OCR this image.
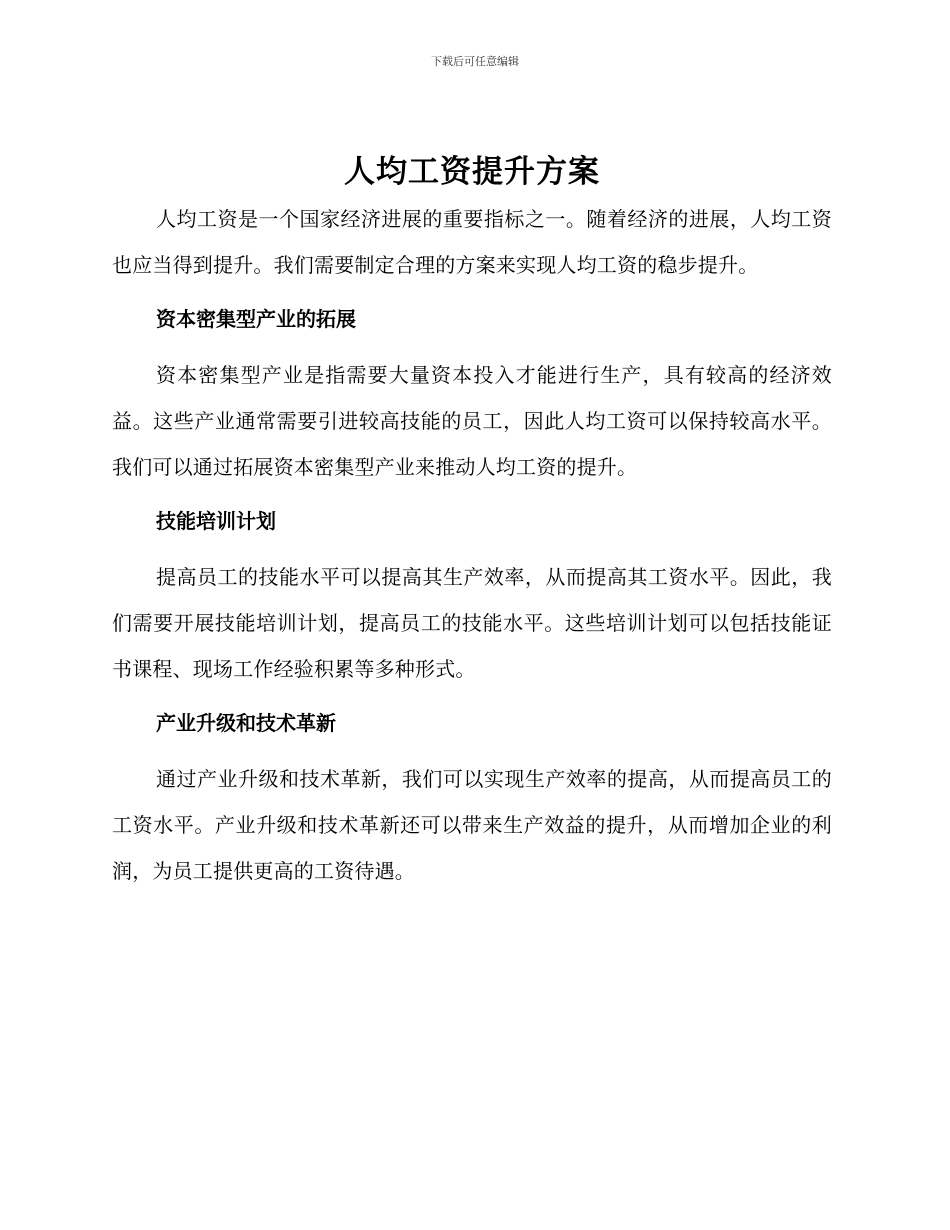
下载后可任意编辑
人均工资提升方案

人均工资是一个国家经济进展的重要指标之一。随着经济的进展，人均工资也应当得到提升。我们需要制定合理的方案来实现人均工资的稳步提升。

资本密集型产业的拓展

资本密集型产业是指需要大量资本投入才能进行生产，具有较高的经济效益。这些产业通常需要引进较高技能的员工，因此人均工资可以保持较高水平。我们可以通过拓展资本密集型产业来推动人均工资的提升。

技能培训计划

提高员工的技能水平可以提高其生产效率，从而提高其工资水平。因此，我们需要开展技能培训计划，提高员工的技能水平。这些培训计划可以包括技能证书课程、现场工作经验积累等多种形式。

产业升级和技术革新

通过产业升级和技术革新，我们可以实现生产效率的提高，从而提高员工的工资水平。产业升级和技术革新还可以带来生产效益的提升，从而增加企业的利润，为员工提供更高的工资待遇。
